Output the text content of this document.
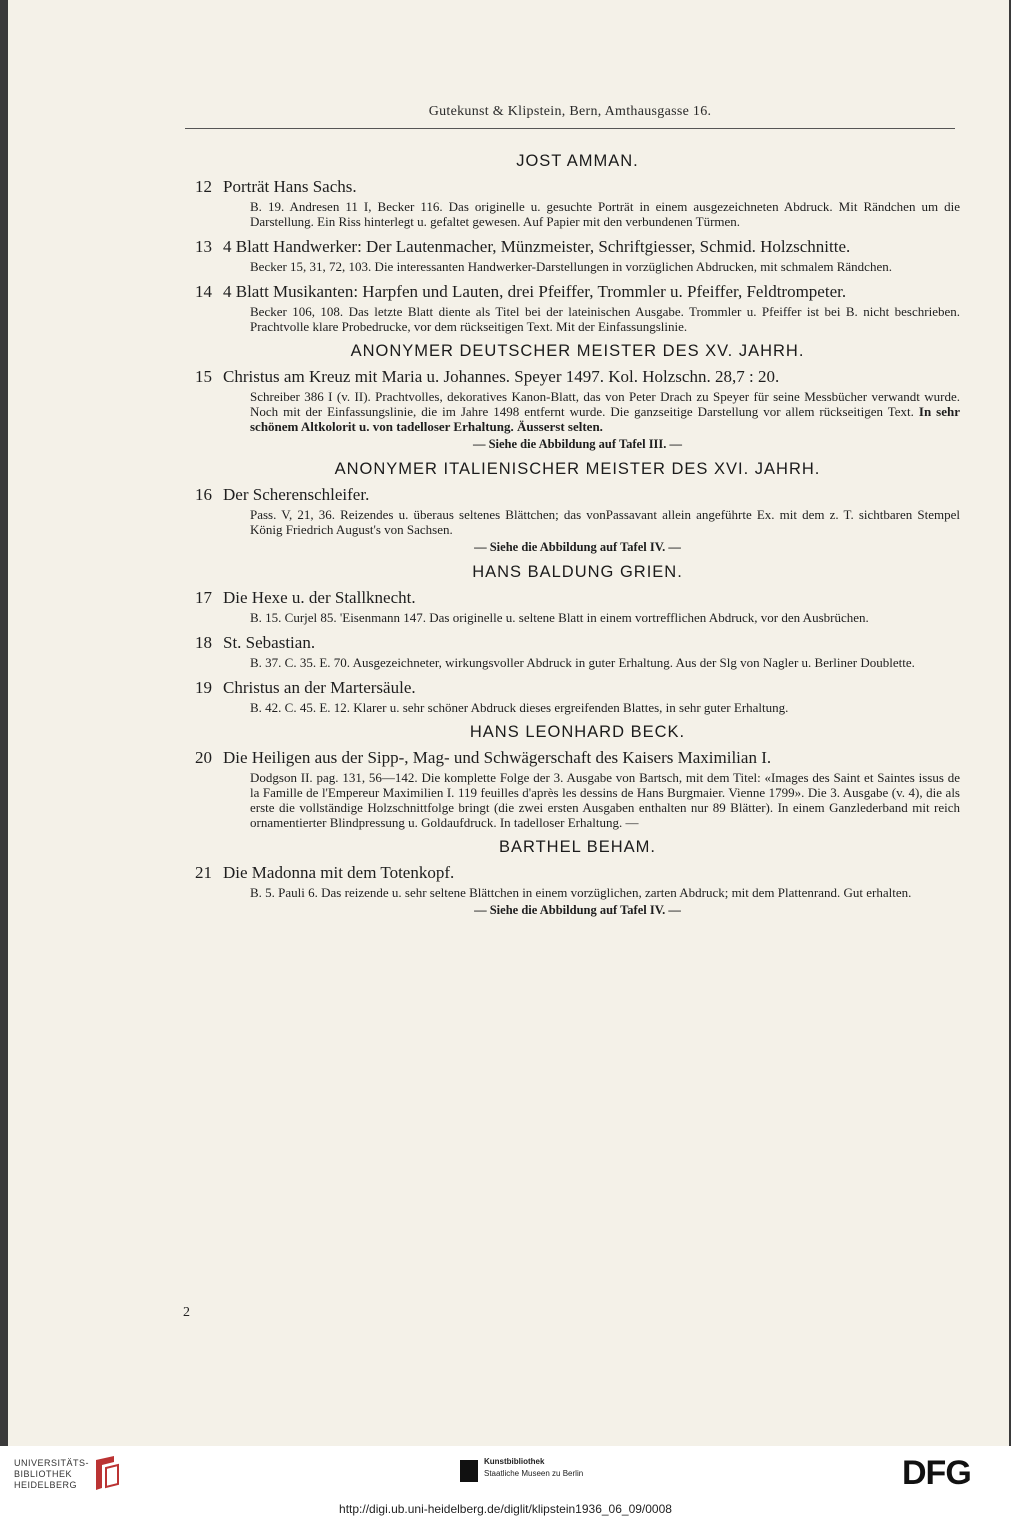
Gutekunst & Klipstein, Bern, Amthausgasse 16.
JOST AMMAN.
12 Porträt Hans Sachs.
B. 19. Andresen 11 I, Becker 116. Das originelle u. gesuchte Porträt in einem ausgezeichneten Abdruck. Mit Rändchen um die Darstellung. Ein Riss hinterlegt u. gefaltet gewesen. Auf Papier mit den verbundenen Türmen.
13 4 Blatt Handwerker: Der Lautenmacher, Münzmeister, Schriftgiesser, Schmid. Holzschnitte.
Becker 15, 31, 72, 103. Die interessanten Handwerker-Darstellungen in vorzüglichen Abdrucken, mit schmalem Rändchen.
14 4 Blatt Musikanten: Harpfen und Lauten, drei Pfeiffer, Trommler u. Pfeiffer, Feldtrompeter.
Becker 106, 108. Das letzte Blatt diente als Titel bei der lateinischen Ausgabe. Trommler u. Pfeiffer ist bei B. nicht beschrieben. Prachtvolle klare Probedrucke, vor dem rückseitigen Text. Mit der Einfassungslinie.
ANONYMER DEUTSCHER MEISTER DES XV. JAHRH.
15 Christus am Kreuz mit Maria u. Johannes. Speyer 1497. Kol. Holzschn. 28,7 : 20.
Schreiber 386 I (v. II). Prachtvolles, dekoratives Kanon-Blatt, das von Peter Drach zu Speyer für seine Messbücher verwandt wurde. Noch mit der Einfassungslinie, die im Jahre 1498 entfernt wurde. Die ganzseitige Darstellung vor allem rückseitigen Text. In sehr schönem Altkolorit u. von tadelloser Erhaltung. Äusserst selten.
— Siehe die Abbildung auf Tafel III. —
ANONYMER ITALIENISCHER MEISTER DES XVI. JAHRH.
16 Der Scherenschleifer.
Pass. V, 21, 36. Reizendes u. überaus seltenes Blättchen; das vonPassavant allein angeführte Ex. mit dem z. T. sichtbaren Stempel König Friedrich August's von Sachsen.
— Siehe die Abbildung auf Tafel IV. —
HANS BALDUNG GRIEN.
17 Die Hexe u. der Stallknecht.
B. 15. Curjel 85. 'Eisenmann 147. Das originelle u. seltene Blatt in einem vortrefflichen Abdruck, vor den Ausbrüchen.
18 St. Sebastian.
B. 37. C. 35. E. 70. Ausgezeichneter, wirkungsvoller Abdruck in guter Erhaltung. Aus der Slg von Nagler u. Berliner Doublette.
19 Christus an der Martersäule.
B. 42. C. 45. E. 12. Klarer u. sehr schöner Abdruck dieses ergreifenden Blattes, in sehr guter Erhaltung.
HANS LEONHARD BECK.
20 Die Heiligen aus der Sipp-, Mag- und Schwägerschaft des Kaisers Maximilian I.
Dodgson II. pag. 131, 56—142. Die komplette Folge der 3. Ausgabe von Bartsch, mit dem Titel: «Images des Saint et Saintes issus de la Famille de l'Empereur Maximilien I. 119 feuilles d'après les dessins de Hans Burgmaier. Vienne 1799». Die 3. Ausgabe (v. 4), die als erste die vollständige Holzschnittfolge bringt (die zwei ersten Ausgaben enthalten nur 89 Blätter). In einem Ganzlederband mit reich ornamentierter Blindpressung u. Goldaufdruck. In tadelloser Erhaltung. —
BARTHEL BEHAM.
21 Die Madonna mit dem Totenkopf.
B. 5. Pauli 6. Das reizende u. sehr seltene Blättchen in einem vorzüglichen, zarten Abdruck; mit dem Plattenrand. Gut erhalten.
— Siehe die Abbildung auf Tafel IV. —
2
UNIVERSITÄTS-
BIBLIOTHEK
HEIDELBERG
Kunstbibliothek
Staatliche Museen zu Berlin	DFG
http://digi.ub.uni-heidelberg.de/diglit/klipstein1936_06_09/0008
